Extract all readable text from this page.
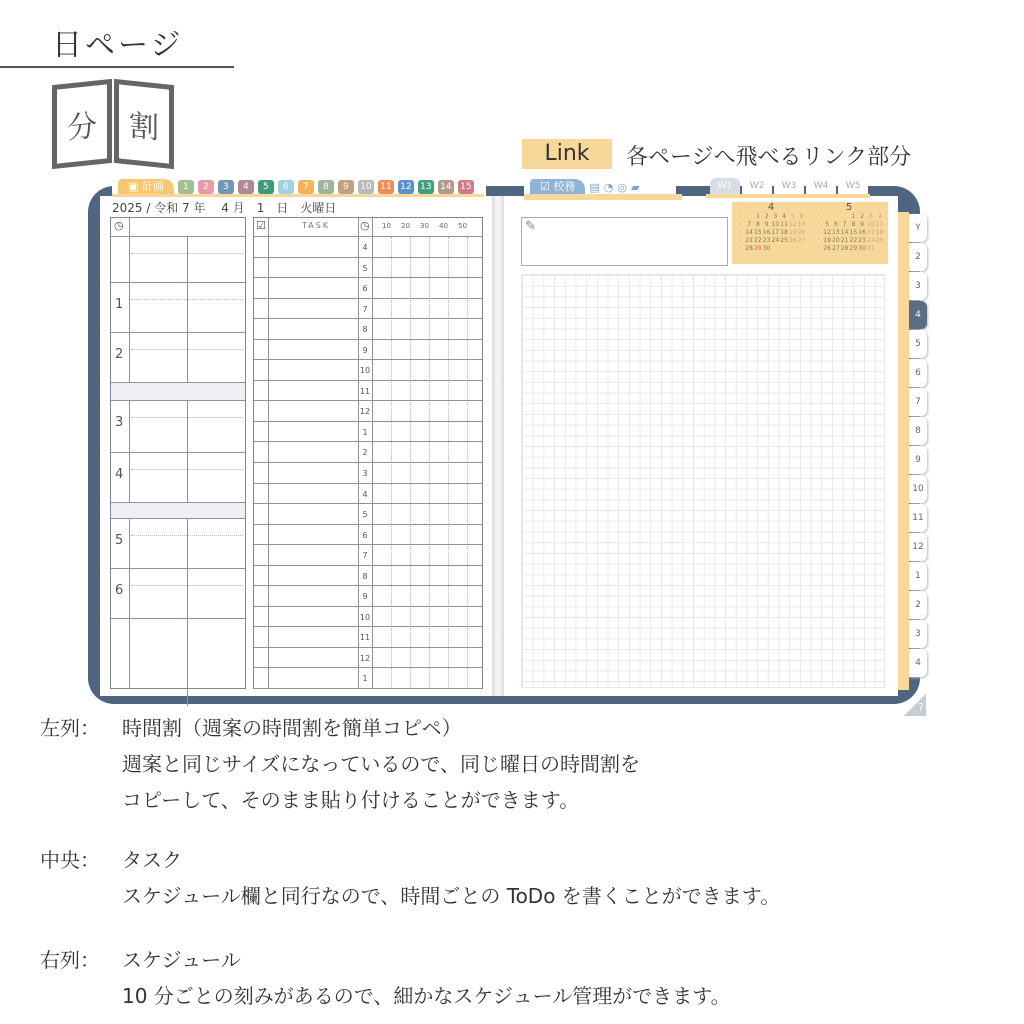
日ページ
分	割
Link	各ページへ飛べるリンク部分
▣ 計画	1	2	3	4	5	6	7	8	9	10 11 12 13 14 15
2025 / 令和 7 年　 4 月　1　日　火曜日
◷
1
2
3
4
5
6
☑	TASK	◷ 10 20 30 40 50
4
5
6
7
8
9
10
11
12
1
2
3
4
5
6
7
8
9
10
11
12
1
☑ 校務	▤ ◔ ◎ ▰	W1	W2	W3	W4	W5
✎
4
·	1 2 3 4 5 6
· 7 8 9 10 11 12 13
· 14 15 16 17 18 19 20
· 21 22 23 24 25 26 27
· 28 29 30
5
·	1 2 3 4
· 5 6 7 8 9 10 11
· 12 13 14 15 16 17 18
· 19 20 21 22 23 24 25
· 26 27 28 29 30 31
Y
2
3
4
5
6
7
8
9
10
11
12
1
2
3
4
?
左列： 時間割（週案の時間割を簡単コピペ）
週案と同じサイズになっているので、同じ曜日の時間割を
コピーして、そのまま貼り付けることができます。
中央： タスク
スケジュール欄と同行なので、時間ごとの ToDo を書くことができます。
右列： スケジュール
10 分ごとの刻みがあるので、細かなスケジュール管理ができます。
